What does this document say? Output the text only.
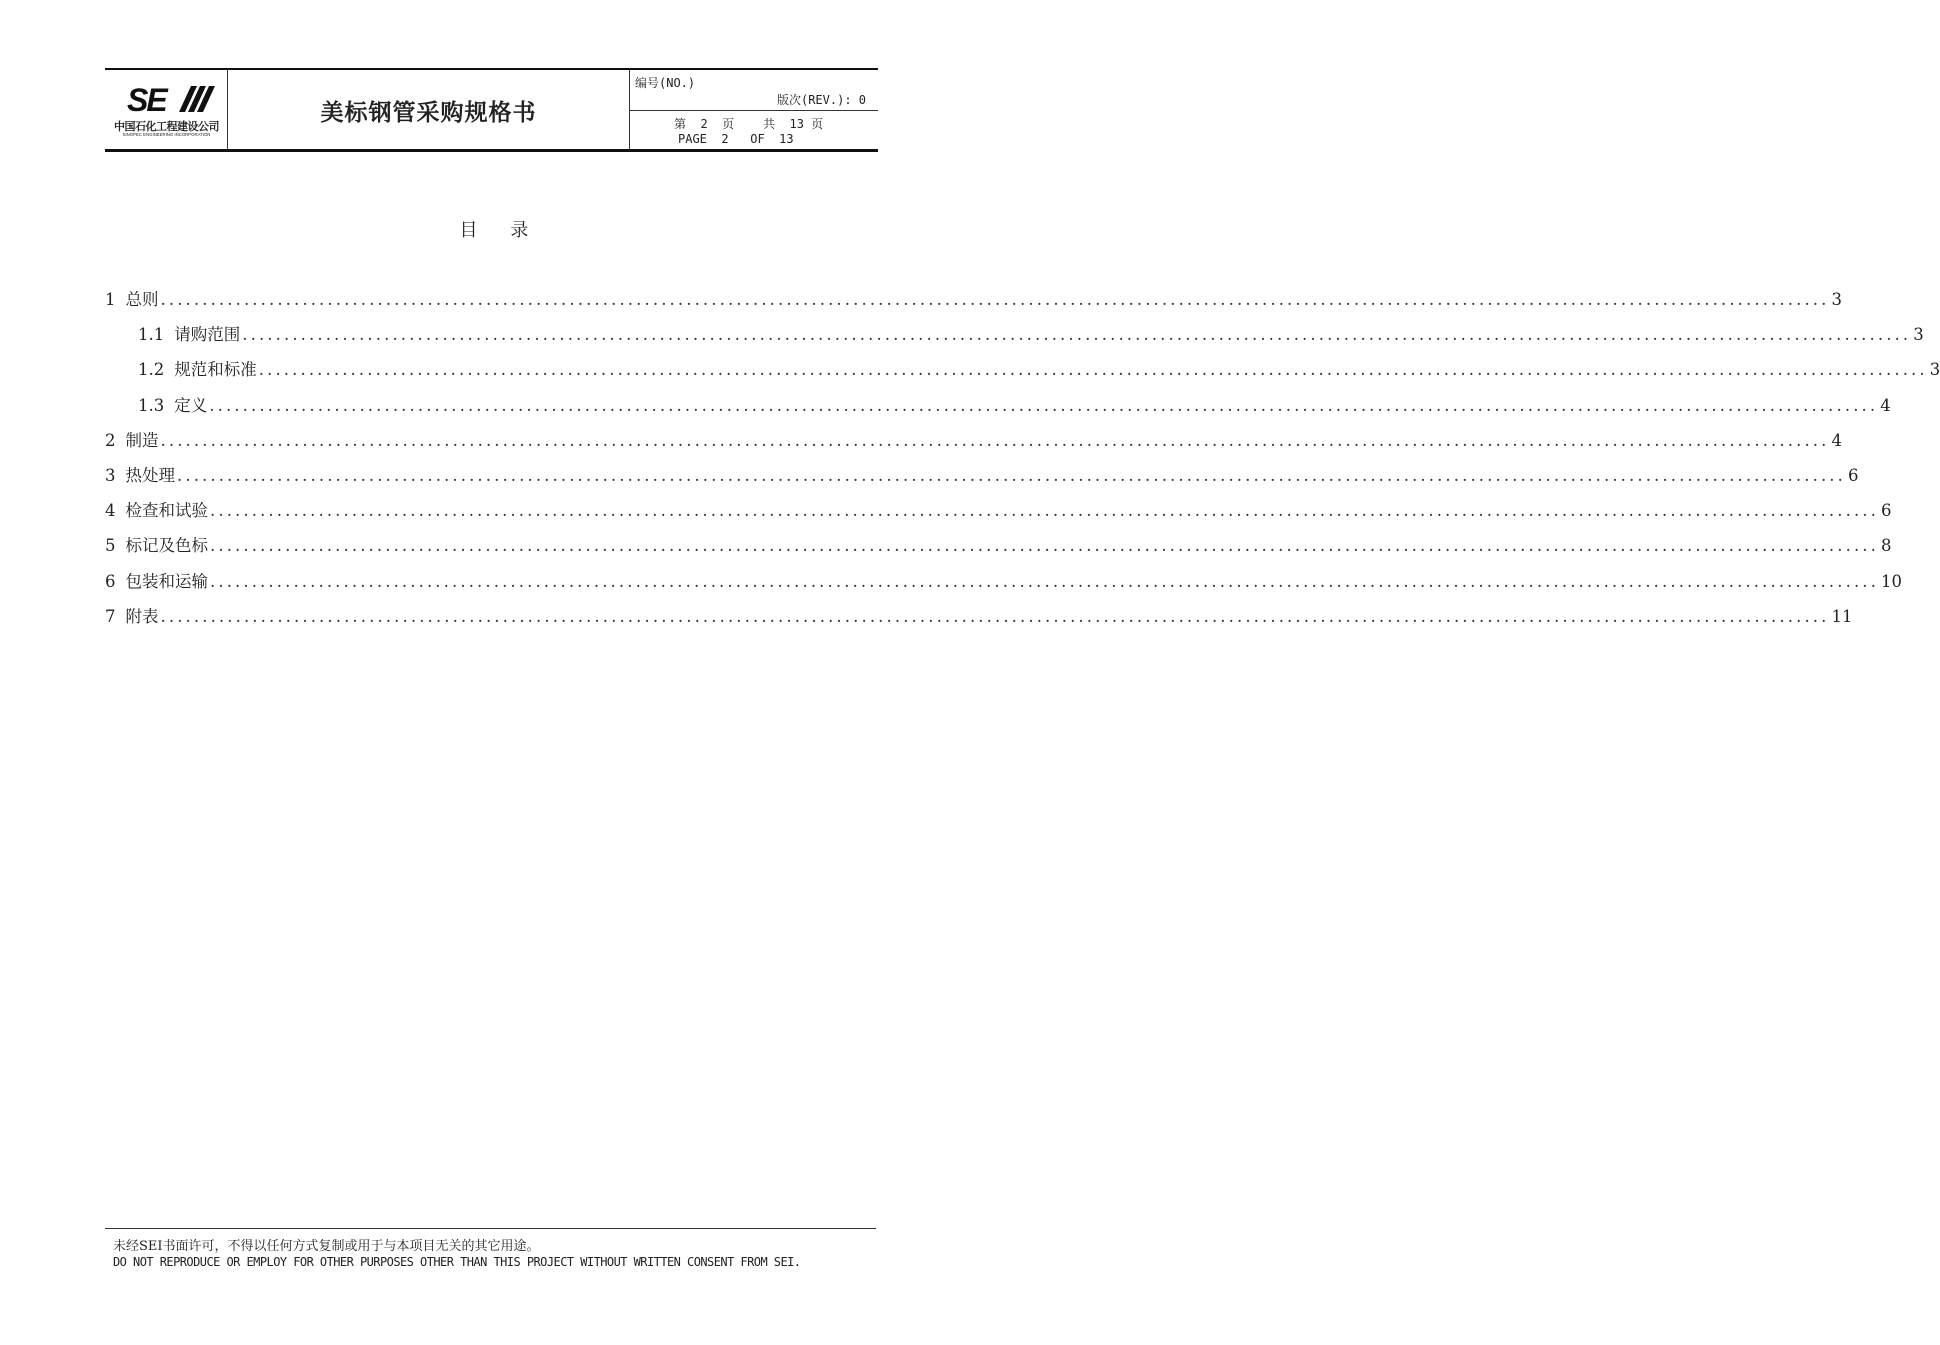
SE
中国石化工程建设公司
SINOPEC ENGINEERING INCORPORATION
美标钢管采购规格书
编号(NO.)
版次(REV.): 0
第  2  页    共  13 页
PAGE  2   OF  13
目    录
1 总则 ........................................................................................................................................................................................................ 3
1.1 请购范围 ........................................................................................................................................................................................................ 3
1.2 规范和标准 ........................................................................................................................................................................................................ 3
1.3 定义 ........................................................................................................................................................................................................ 4
2 制造 ........................................................................................................................................................................................................ 4
3 热处理 ........................................................................................................................................................................................................ 6
4 检查和试验 ........................................................................................................................................................................................................ 6
5 标记及色标 ........................................................................................................................................................................................................ 8
6 包装和运输 ........................................................................................................................................................................................................ 10
7 附表 ........................................................................................................................................................................................................ 11
未经SEI书面许可，不得以任何方式复制或用于与本项目无关的其它用途。
DO NOT REPRODUCE OR EMPLOY FOR OTHER PURPOSES OTHER THAN THIS PROJECT WITHOUT WRITTEN CONSENT FROM SEI.
